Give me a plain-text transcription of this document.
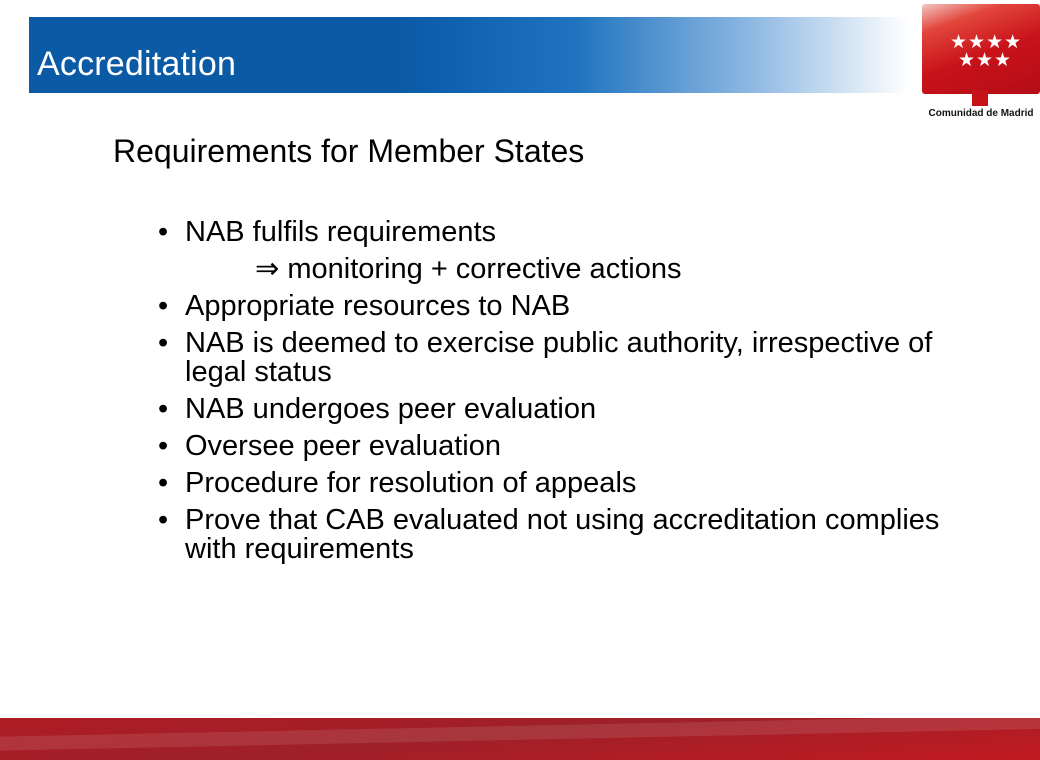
Accreditation
★★★★
★★★
Comunidad de Madrid
Requirements for Member States
• NAB fulfils requirements
⇒ monitoring + corrective actions
• Appropriate resources to NAB
• NAB is deemed to exercise public authority, irrespective of legal status
• NAB undergoes peer evaluation
• Oversee peer evaluation
• Procedure for resolution of appeals
• Prove that CAB evaluated not using accreditation complies with requirements
